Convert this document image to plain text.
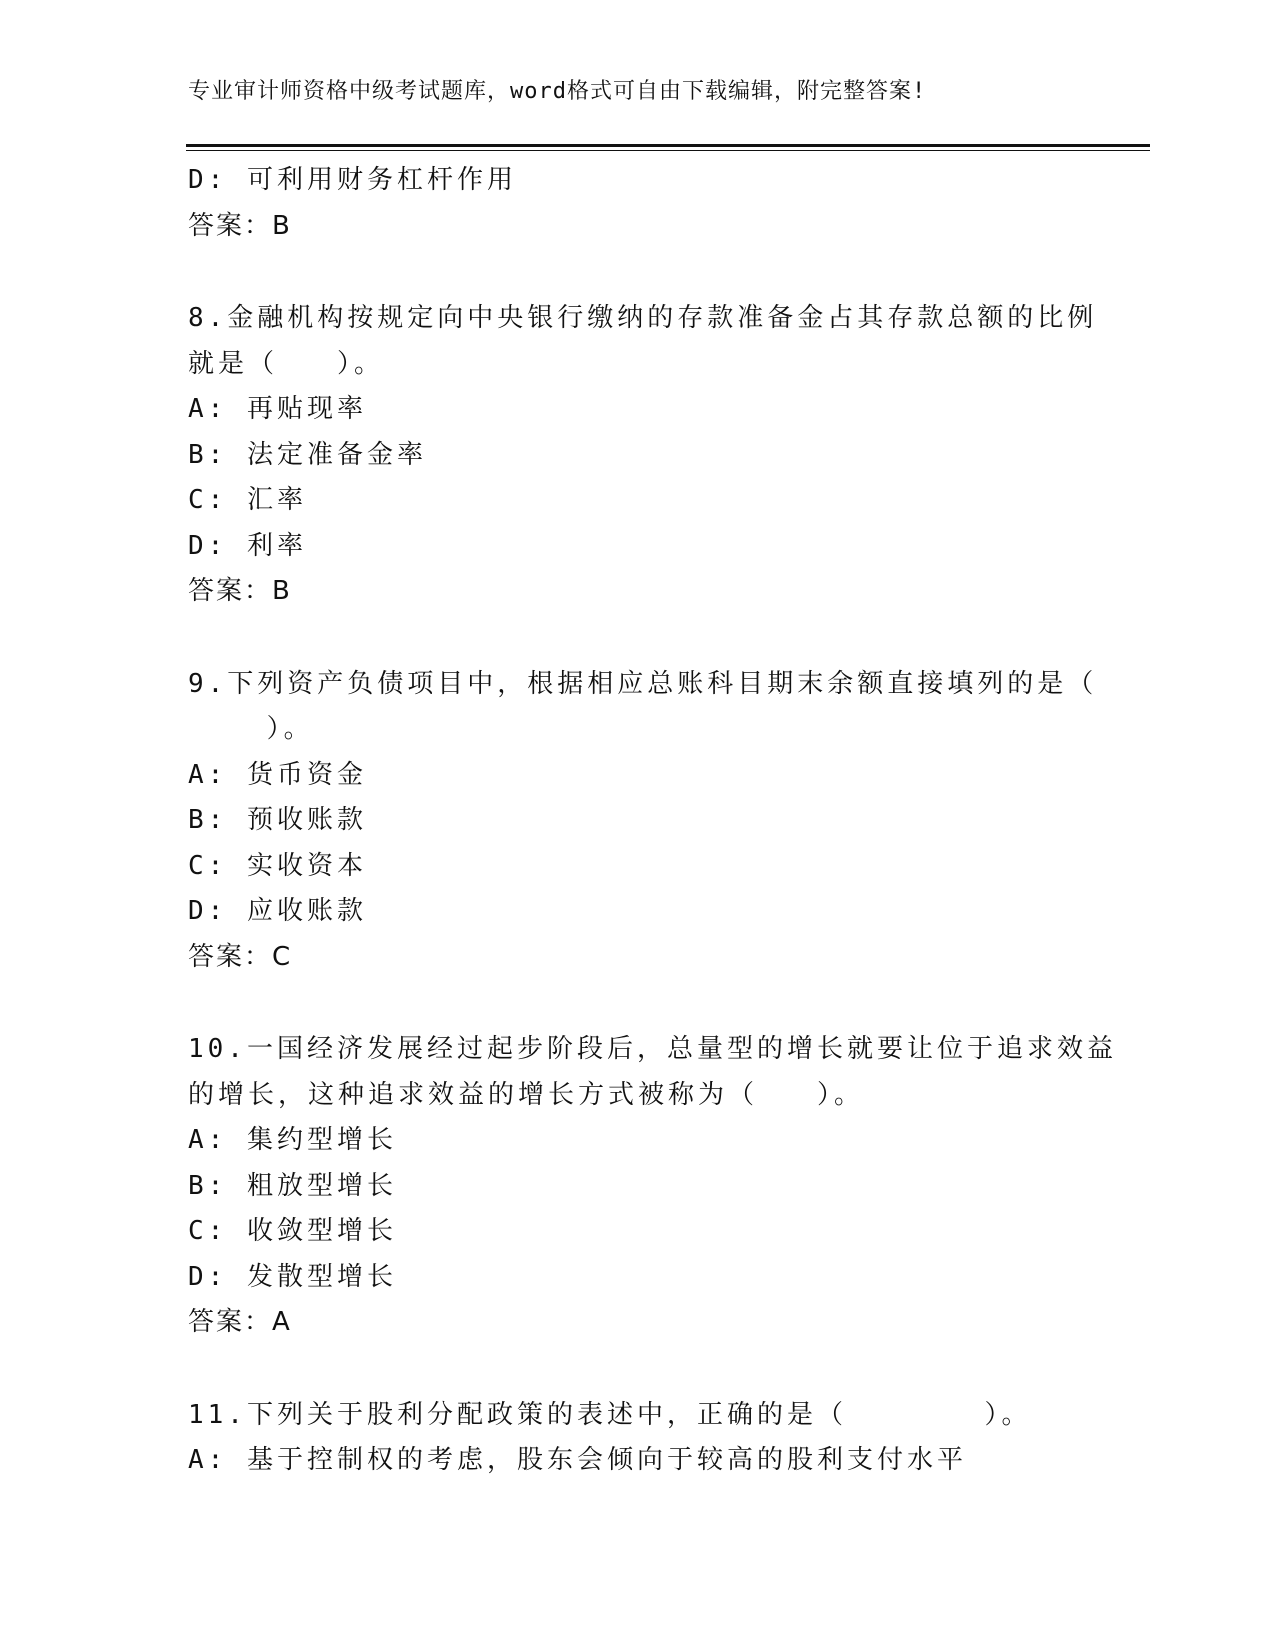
专业审计师资格中级考试题库，word格式可自由下载编辑，附完整答案!
D: 可利用财务杠杆作用
答案：B
8.金融机构按规定向中央银行缴纳的存款准备金占其存款总额的比例
就是（   ）。
A: 再贴现率
B: 法定准备金率
C: 汇率
D: 利率
答案：B
9.下列资产负债项目中，根据相应总账科目期末余额直接填列的是（
）。
A: 货币资金
B: 预收账款
C: 实收资本
D: 应收账款
答案：C
10.一国经济发展经过起步阶段后，总量型的增长就要让位于追求效益
的增长，这种追求效益的增长方式被称为（   ）。
A: 集约型增长
B: 粗放型增长
C: 收敛型增长
D: 发散型增长
答案：A
11.下列关于股利分配政策的表述中，正确的是（       ）。
A: 基于控制权的考虑，股东会倾向于较高的股利支付水平
